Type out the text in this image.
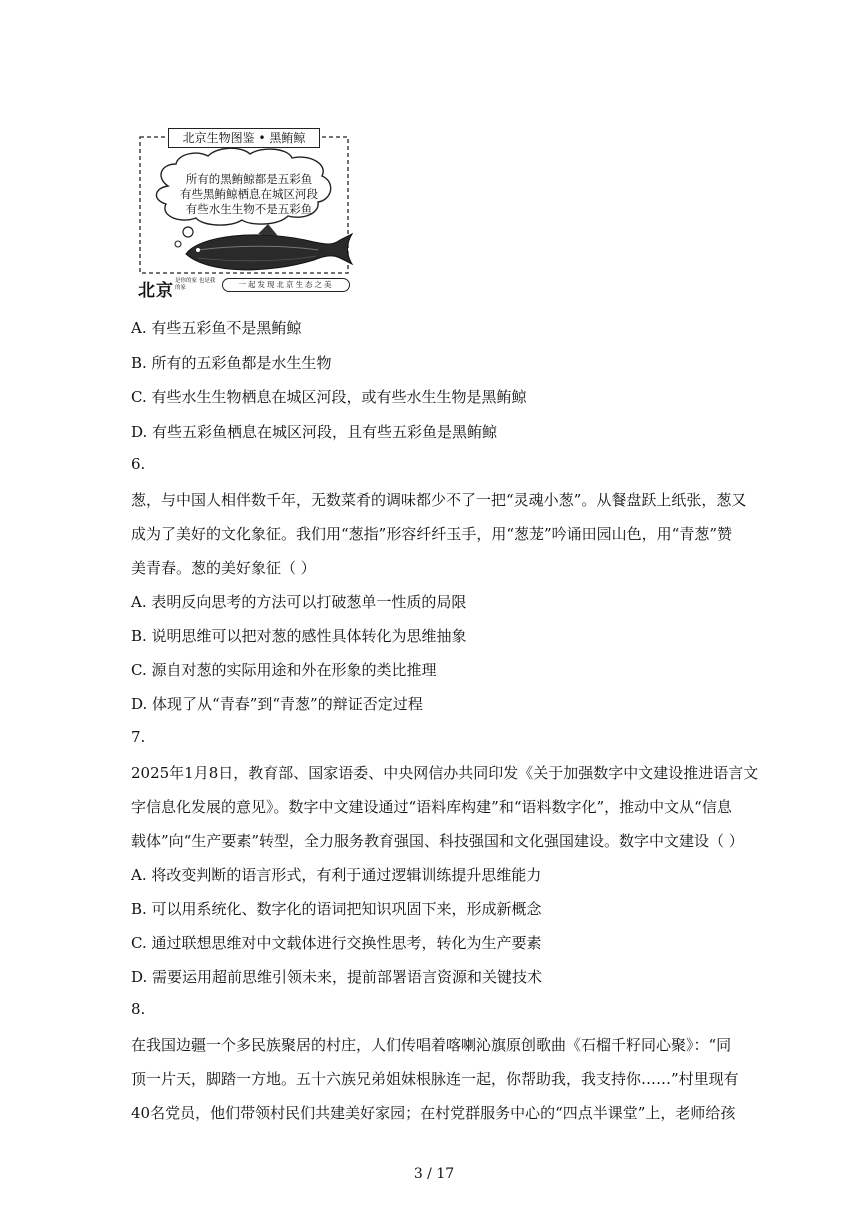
北京生物图鉴 • 黑鲔鲸
所有的黑鲔鲸都是五彩鱼
有些黑鲔鲸栖息在城区河段
有些水生生物不是五彩鱼
北京 是你的家 也是我的家	一起发现北京生态之美
A. 有些五彩鱼不是黑鲔鲸
B. 所有的五彩鱼都是水生生物
C. 有些水生生物栖息在城区河段，或有些水生生物是黑鲔鲸
D. 有些五彩鱼栖息在城区河段，且有些五彩鱼是黑鲔鲸
6.
葱，与中国人相伴数千年，无数菜肴的调味都少不了一把“灵魂小葱”。从餐盘跃上纸张，葱又
成为了美好的文化象征。我们用“葱指”形容纤纤玉手，用“葱茏”吟诵田园山色，用“青葱”赞
美青春。葱的美好象征（ ）
A. 表明反向思考的方法可以打破葱单一性质的局限
B. 说明思维可以把对葱的感性具体转化为思维抽象
C. 源自对葱的实际用途和外在形象的类比推理
D. 体现了从“青春”到“青葱”的辩证否定过程
7.
2025年1月8日，教育部、国家语委、中央网信办共同印发《关于加强数字中文建设推进语言文
字信息化发展的意见》。数字中文建设通过“语料库构建”和“语料数字化”，推动中文从“信息
载体”向“生产要素”转型，全力服务教育强国、科技强国和文化强国建设。数字中文建设（ ）
A. 将改变判断的语言形式，有利于通过逻辑训练提升思维能力
B. 可以用系统化、数字化的语词把知识巩固下来，形成新概念
C. 通过联想思维对中文载体进行交换性思考，转化为生产要素
D. 需要运用超前思维引领未来，提前部署语言资源和关键技术
8.
在我国边疆一个多民族聚居的村庄，人们传唱着喀喇沁旗原创歌曲《石榴千籽同心聚》：“同
顶一片天，脚踏一方地。五十六族兄弟姐妹根脉连一起，你帮助我，我支持你……”村里现有
40名党员，他们带领村民们共建美好家园；在村党群服务中心的“四点半课堂”上，老师给孩
3 / 17
